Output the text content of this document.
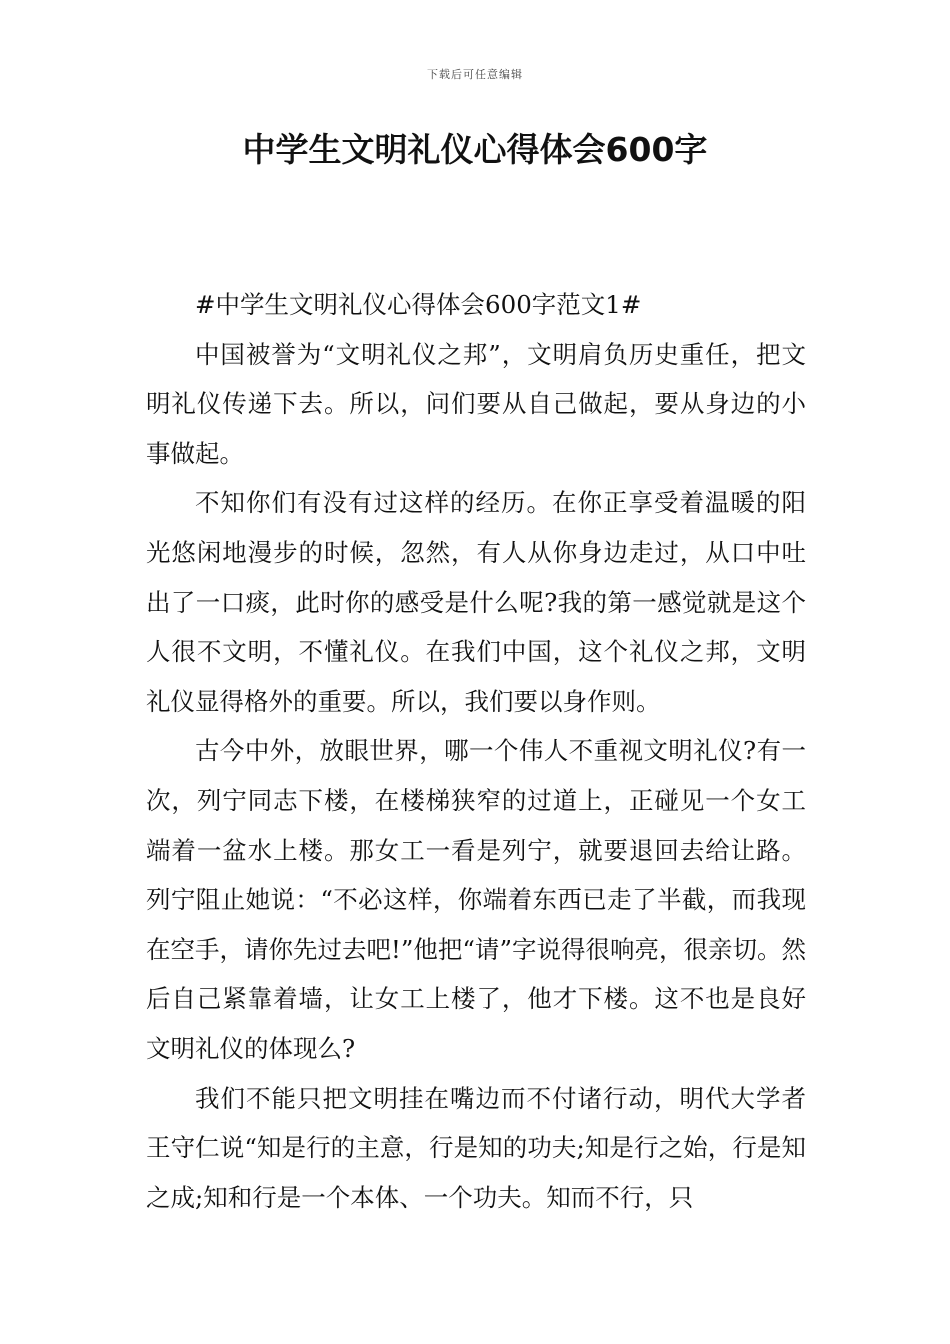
下载后可任意编辑
中学生文明礼仪心得体会600字

#中学生文明礼仪心得体会600字范文1#

中国被誉为“文明礼仪之邦”，文明肩负历史重任，把文明礼仪传递下去。所以，问们要从自己做起，要从身边的小事做起。

不知你们有没有过这样的经历。在你正享受着温暖的阳光悠闲地漫步的时候，忽然，有人从你身边走过，从口中吐出了一口痰，此时你的感受是什么呢?我的第一感觉就是这个人很不文明，不懂礼仪。在我们中国，这个礼仪之邦，文明礼仪显得格外的重要。所以，我们要以身作则。

古今中外，放眼世界，哪一个伟人不重视文明礼仪?有一次，列宁同志下楼，在楼梯狭窄的过道上，正碰见一个女工端着一盆水上楼。那女工一看是列宁，就要退回去给让路。列宁阻止她说：“不必这样，你端着东西已走了半截，而我现在空手，请你先过去吧!”他把“请”字说得很响亮，很亲切。然后自己紧靠着墙，让女工上楼了，他才下楼。这不也是良好文明礼仪的体现么?

我们不能只把文明挂在嘴边而不付诸行动，明代大学者王守仁说“知是行的主意，行是知的功夫;知是行之始，行是知之成;知和行是一个本体、一个功夫。知而不行，只
